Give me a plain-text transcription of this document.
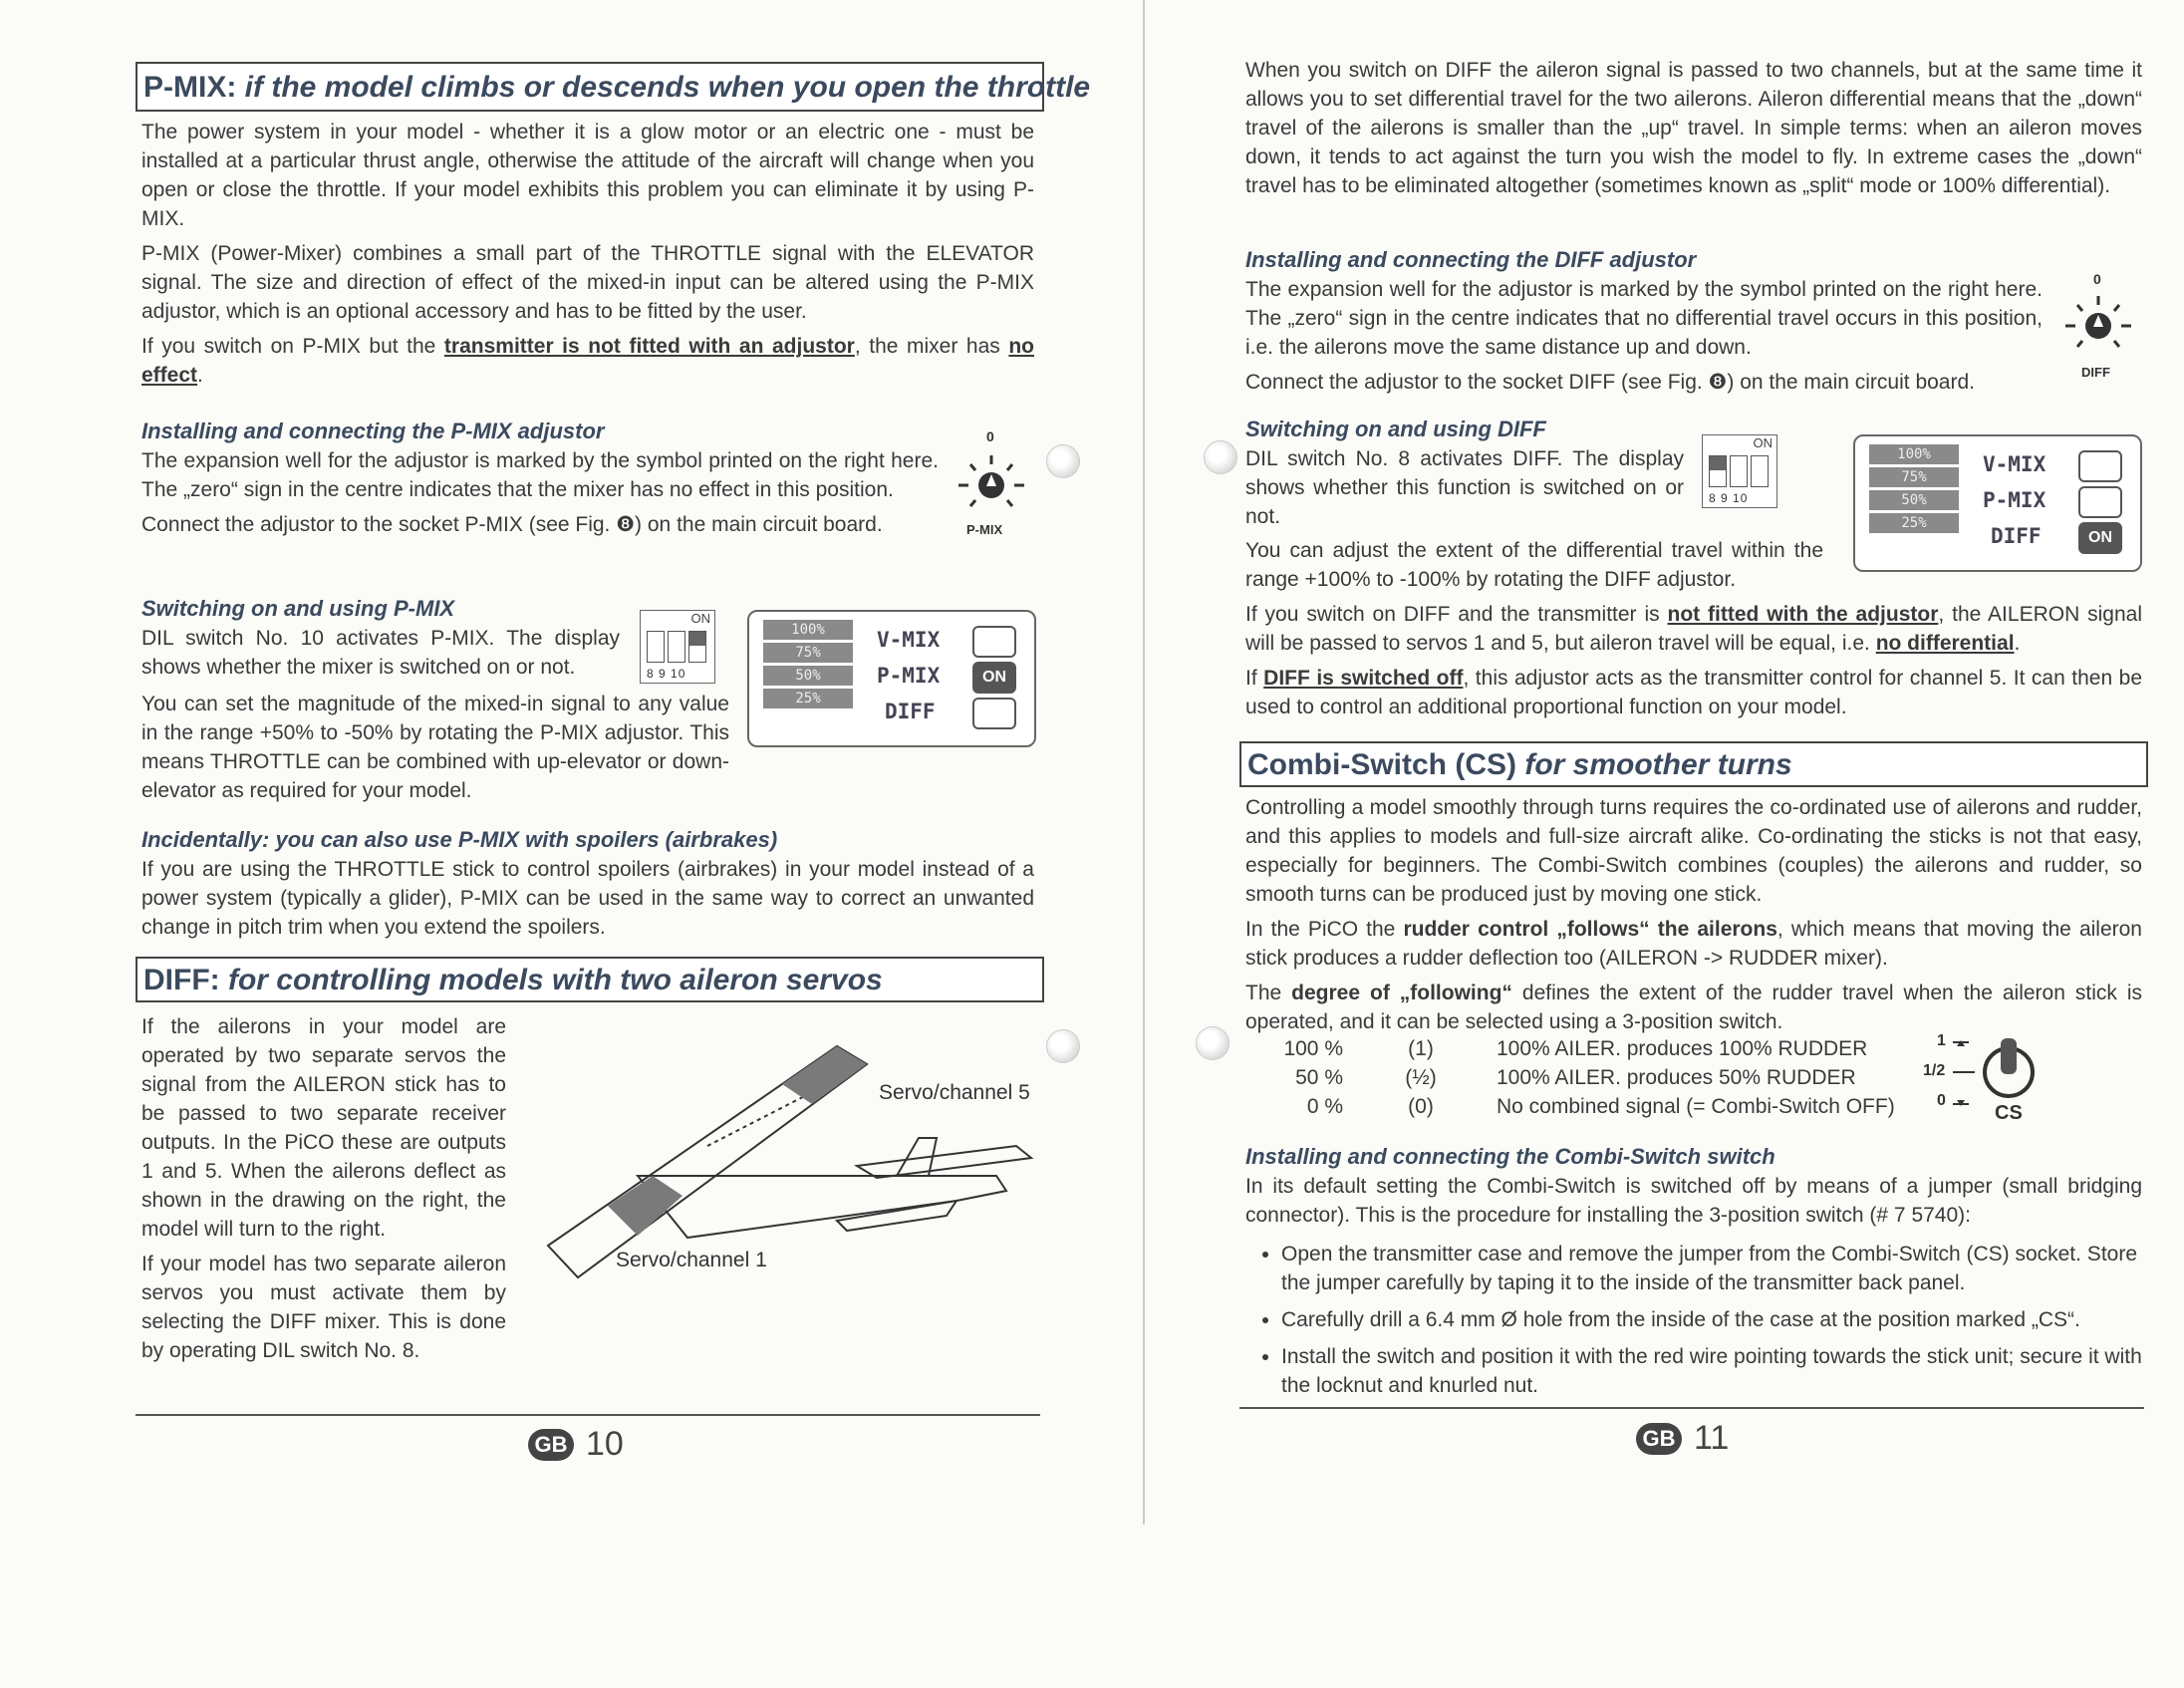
P-MIX: if the model climbs or descends when you open the throttle

The power system in your model - whether it is a glow motor or an electric one - must be installed at a particular thrust angle, otherwise the attitude of the aircraft will change when you open or close the throttle. If your model exhibits this problem you can eliminate it by using P-MIX.

P-MIX (Power-Mixer) combines a small part of the THROTTLE signal with the ELEVATOR signal. The size and direction of effect of the mixed-in input can be altered using the P-MIX adjustor, which is an optional accessory and has to be fitted by the user.

If you switch on P-MIX but the transmitter is not fitted with an adjustor, the mixer has no effect.

Installing and connecting the P-MIX adjustor

The expansion well for the adjustor is marked by the symbol printed on the right here. The „zero“ sign in the centre indicates that the mixer has no effect in this position.

Connect the adjustor to the socket P-MIX (see Fig. ❽) on the main circuit board.

0
P-MIX
Switching on and using P-MIX
DIL switch No. 10 activates P-MIX. The display shows whether the mixer is switched on or not.
You can set the magnitude of the mixed-in signal to any value in the range +50% to -50% by rotating the P-MIX adjustor. This means THROTTLE can be combined with up-elevator or down-elevator as required for your model.
ON
8 9 10
100%
75%
50%
25%
V-MIX
P-MIX
DIFF
ON
Incidentally: you can also use P-MIX with spoilers (airbrakes)
If you are using the THROTTLE stick to control spoilers (airbrakes) in your model instead of a power system (typically a glider), P-MIX can be used in the same way to correct an unwanted change in pitch trim when you extend the spoilers.
DIFF: for controlling models with two aileron servos

If the ailerons in your model are operated by two separate servos the signal from the AILERON stick has to be passed to two separate receiver outputs. In the PiCO these are outputs 1 and 5. When the ailerons deflect as shown in the drawing on the right, the model will turn to the right.

If your model has two separate aileron servos you must activate them by selecting the DIFF mixer. This is done by operating DIL switch No. 8.

Servo/channel 5
Servo/channel 1
GB 10
When you switch on DIFF the aileron signal is passed to two channels, but at the same time it allows you to set differential travel for the two ailerons. Aileron differential means that the „down“ travel of the ailerons is smaller than the „up“ travel. In simple terms: when an aileron moves down, it tends to act against the turn you wish the model to fly. In extreme cases the „down“ travel has to be eliminated altogether (sometimes known as „split“ mode or 100% differential).
Installing and connecting the DIFF adjustor

The expansion well for the adjustor is marked by the symbol printed on the right here. The „zero“ sign in the centre indicates that no differential travel occurs in this position, i.e. the ailerons move the same distance up and down.

Connect the adjustor to the socket DIFF (see Fig. ❽) on the main circuit board.

0
DIFF
Switching on and using DIFF
DIL switch No. 8 activates DIFF. The display shows whether this function is switched on or not.
You can adjust the extent of the differential travel within the range +100% to -100% by rotating the DIFF adjustor.
ON
8 9 10
100%
75%
50%
25%
V-MIX
P-MIX
DIFF	ON

If you switch on DIFF and the transmitter is not fitted with the adjustor, the AILERON signal will be passed to servos 1 and 5, but aileron travel will be equal, i.e. no differential.

If DIFF is switched off, this adjustor acts as the transmitter control for channel 5. It can then be used to control an additional proportional function on your model.

Combi-Switch (CS) for smoother turns

Controlling a model smoothly through turns requires the co-ordinated use of ailerons and rudder, and this applies to models and full-size aircraft alike. Co-ordinating the sticks is not that easy, especially for beginners. The Combi-Switch combines (couples) the ailerons and rudder, so smooth turns can be produced just by moving one stick.

In the PiCO the rudder control „follows“ the ailerons, which means that moving the aileron stick produces a rudder deflection too (AILERON -> RUDDER mixer).

The degree of „following“ defines the extent of the rudder travel when the aileron stick is operated, and it can be selected using a 3-position switch.

100 %	(1)	100% AILER. produces 100% RUDDER
50 %	(½)	100% AILER. produces 50% RUDDER
0 %	(0)	No combined signal (= Combi-Switch OFF)
1
1/2
0
CS
Installing and connecting the Combi-Switch switch
In its default setting the Combi-Switch is switched off by means of a jumper (small bridging connector). This is the procedure for installing the 3-position switch (# 7 5740):
• Open the transmitter case and remove the jumper from the Combi-Switch (CS) socket. Store the jumper carefully by taping it to the inside of the transmitter back panel.
• Carefully drill a 6.4 mm Ø hole from the inside of the case at the position marked „CS“.
• Install the switch and position it with the red wire pointing towards the stick unit; secure it with the locknut and knurled nut.
GB 11
